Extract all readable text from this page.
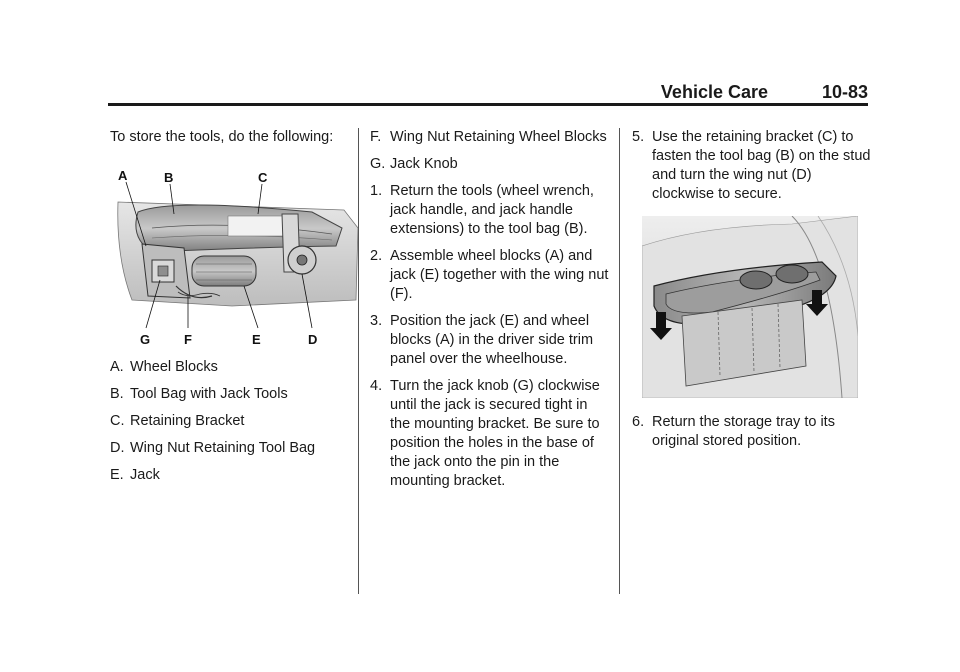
Vehicle Care	10-83

To store the tools, do the following:

A	B	C
G	F	E	D
A. Wheel Blocks
B. Tool Bag with Jack Tools
C. Retaining Bracket
D. Wing Nut Retaining Tool Bag
E. Jack
F. Wing Nut Retaining Wheel Blocks
G. Jack Knob
1. Return the tools (wheel wrench, jack handle, and jack handle extensions) to the tool bag (B).
2. Assemble wheel blocks (A) and jack (E) together with the wing nut (F).
3. Position the jack (E) and wheel blocks (A) in the driver side trim panel over the wheelhouse.
4. Turn the jack knob (G) clockwise until the jack is secured tight in the mounting bracket. Be sure to position the holes in the base of the jack onto the pin in the mounting bracket.
5. Use the retaining bracket (C) to fasten the tool bag (B) on the stud and turn the wing nut (D) clockwise to secure.
6. Return the storage tray to its original stored position.
